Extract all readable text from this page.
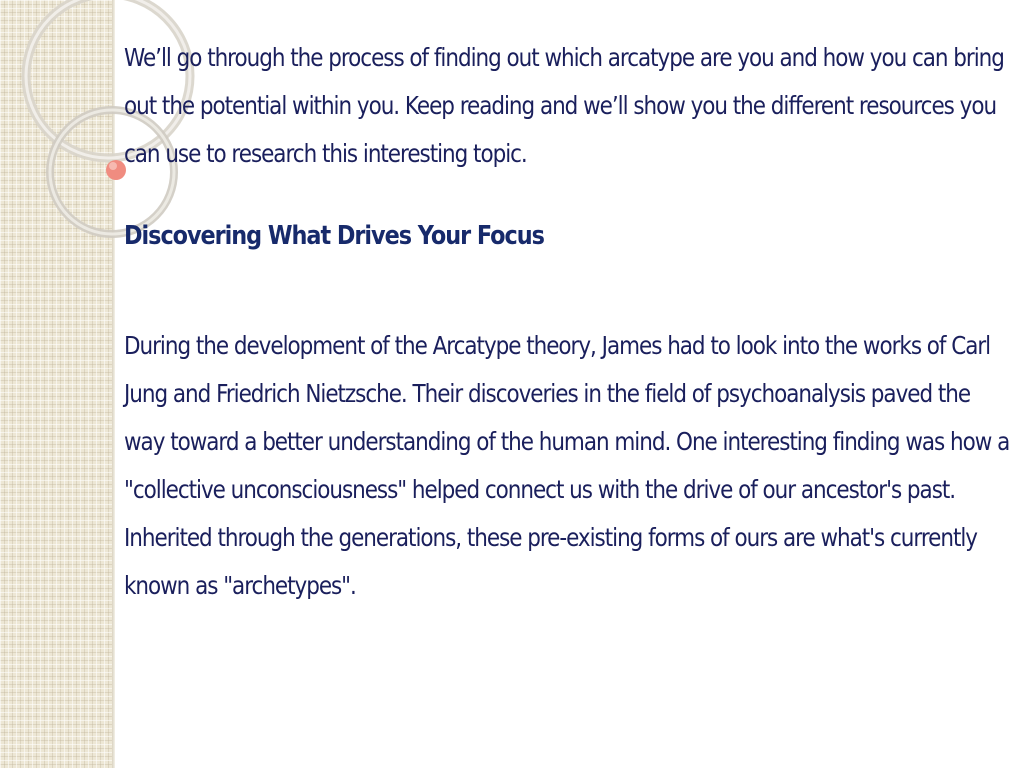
We’ll go through the process of finding out which arcatype are you and how you can bring out the potential within you. Keep reading and we’ll show you the different resources you can use to research this interesting topic.

Discovering What Drives Your Focus

During the development of the Arcatype theory, James had to look into the works of Carl Jung and Friedrich Nietzsche. Their discoveries in the field of psychoanalysis paved the way toward a better understanding of the human mind. One interesting finding was how a "collective unconsciousness" helped connect us with the drive of our ancestor's past. Inherited through the generations, these pre-existing forms of ours are what's currently known as "archetypes".
